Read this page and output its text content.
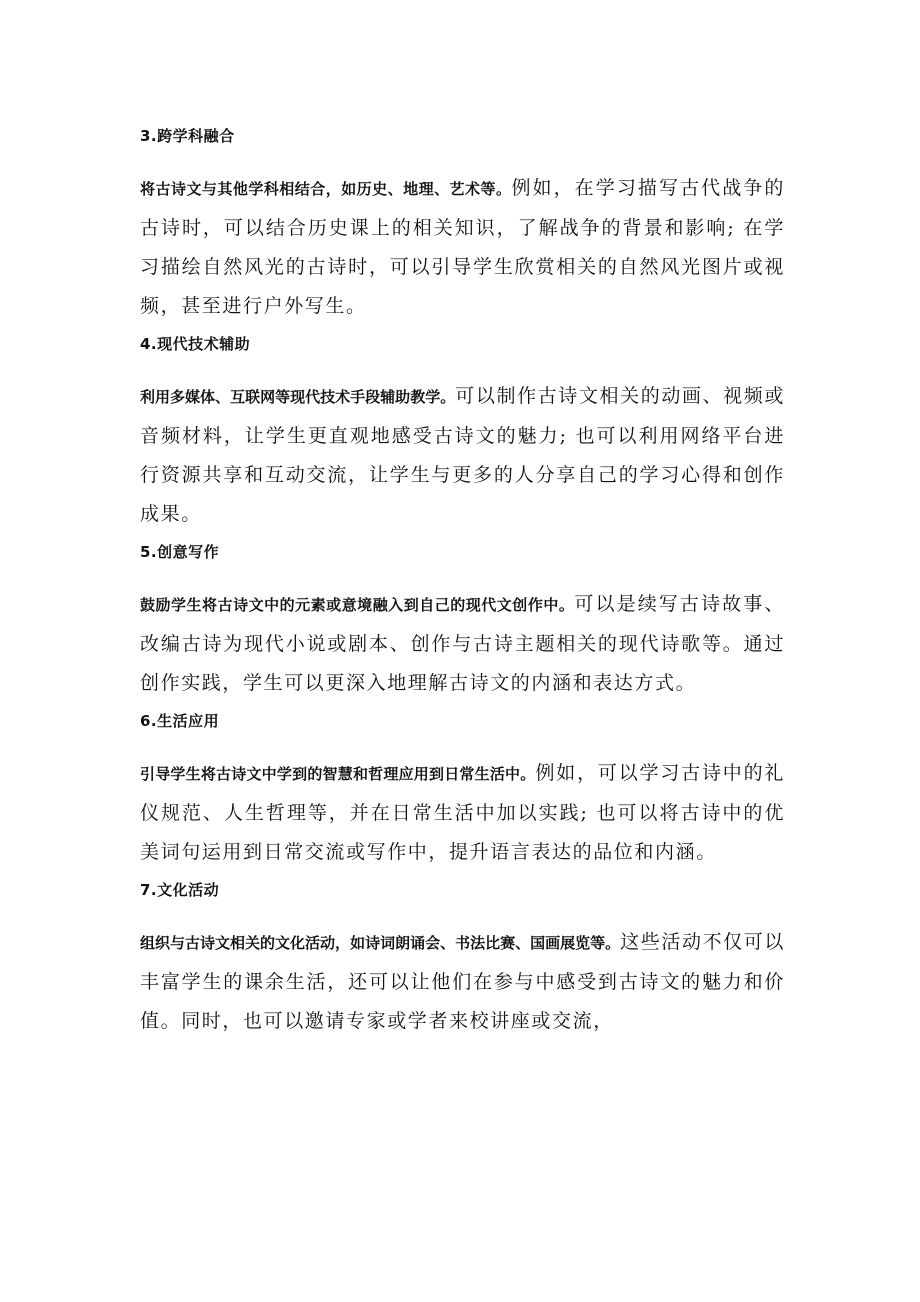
3.跨学科融合

将古诗文与其他学科相结合，如历史、地理、艺术等。例如，在学习描写古代战争的古诗时，可以结合历史课上的相关知识，了解战争的背景和影响; 在学习描绘自然风光的古诗时，可以引导学生欣赏相关的自然风光图片或视频，甚至进行户外写生。

4.现代技术辅助

利用多媒体、互联网等现代技术手段辅助教学。可以制作古诗文相关的动画、视频或音频材料，让学生更直观地感受古诗文的魅力; 也可以利用网络平台进行资源共享和互动交流，让学生与更多的人分享自己的学习心得和创作成果。

5.创意写作

鼓励学生将古诗文中的元素或意境融入到自己的现代文创作中。可以是续写古诗故事、改编古诗为现代小说或剧本、创作与古诗主题相关的现代诗歌等。通过创作实践，学生可以更深入地理解古诗文的内涵和表达方式。

6.生活应用

引导学生将古诗文中学到的智慧和哲理应用到日常生活中。例如，可以学习古诗中的礼仪规范、人生哲理等，并在日常生活中加以实践; 也可以将古诗中的优美词句运用到日常交流或写作中，提升语言表达的品位和内涵。

7.文化活动

组织与古诗文相关的文化活动，如诗词朗诵会、书法比赛、国画展览等。这些活动不仅可以丰富学生的课余生活，还可以让他们在参与中感受到古诗文的魅力和价值。同时，也可以邀请专家或学者来校讲座或交流，
